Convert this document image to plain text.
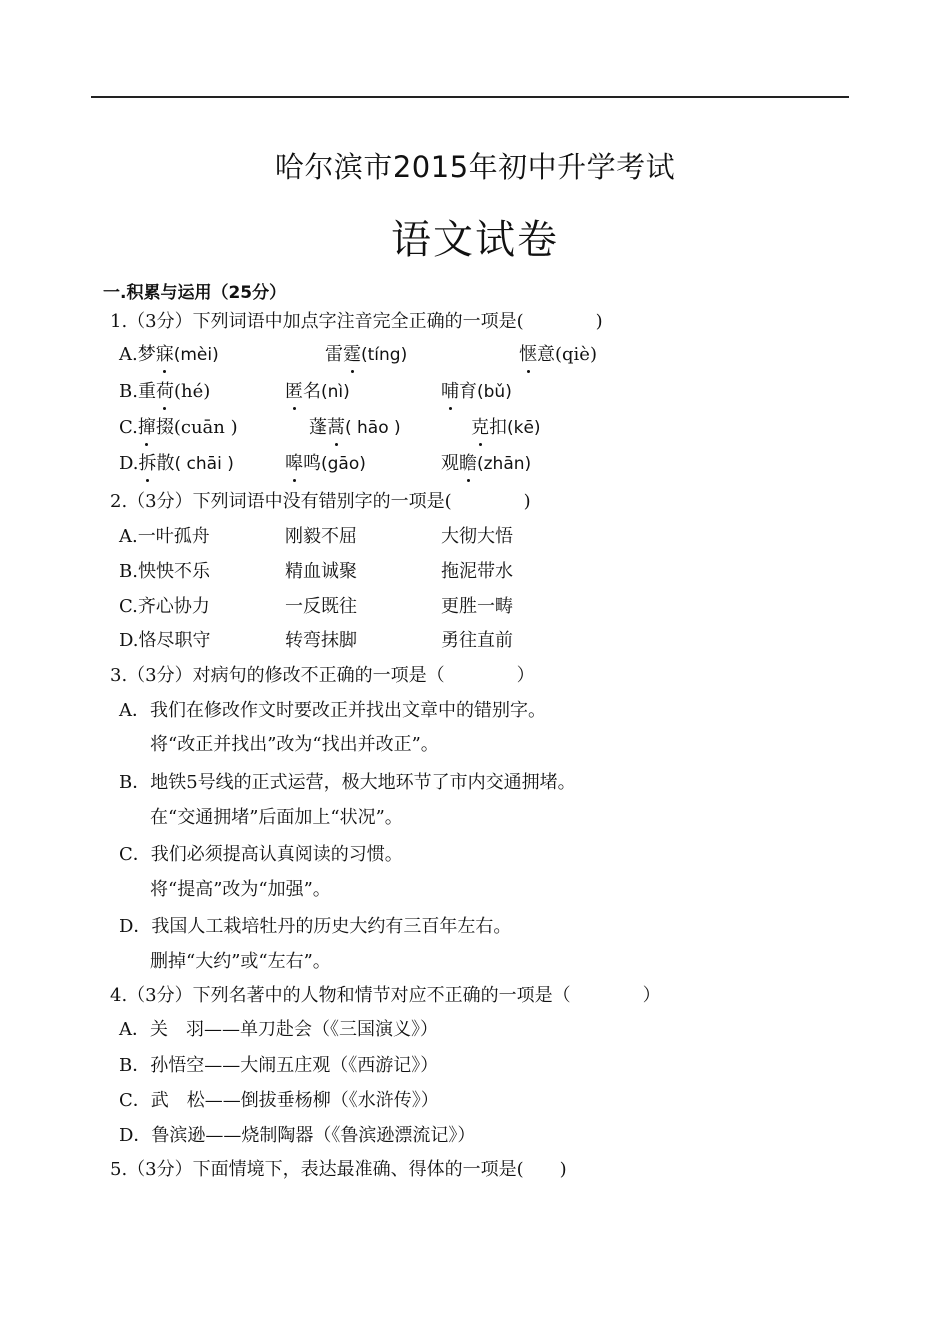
哈尔滨市2015年初中升学考试
语文试卷
一.积累与运用（25分）
1.（3分）下列词语中加点字注音完全正确的一项是(　　　　)
A.梦寐(mèi)	雷霆(tíng)	惬意(qiè)
B.重荷(hé)	匿名(nì)	哺育(bǔ)
C.撺掇(cuān )	蓬蒿( hāo )	克扣(kē)
D.拆散( chāi )	嗥鸣(gāo)	观瞻(zhān)
2.（3分）下列词语中没有错别字的一项是(　　　　)
A.一叶孤舟	刚毅不屈	大彻大悟
B.怏怏不乐	精血诚聚	拖泥带水
C.齐心协力	一反既往	更胜一畴
D.恪尽职守	转弯抹脚	勇往直前
3.（3分）对病句的修改不正确的一项是（　　　　）
A．我们在修改作文时要改正并找出文章中的错别字。
将“改正并找出”改为“找出并改正”。
B．地铁5号线的正式运营，极大地环节了市内交通拥堵。
在“交通拥堵”后面加上“状况”。
C．我们必须提高认真阅读的习惯。
将“提高”改为“加强”。
D．我国人工栽培牡丹的历史大约有三百年左右。
删掉“大约”或“左右”。
4.（3分）下列名著中的人物和情节对应不正确的一项是（　　　　）
A．关　羽——单刀赴会（《三国演义》）
B．孙悟空——大闹五庄观（《西游记》）
C．武　松——倒拔垂杨柳（《水浒传》）
D．鲁滨逊——烧制陶器（《鲁滨逊漂流记》）
5.（3分）下面情境下，表达最准确、得体的一项是(　　)
